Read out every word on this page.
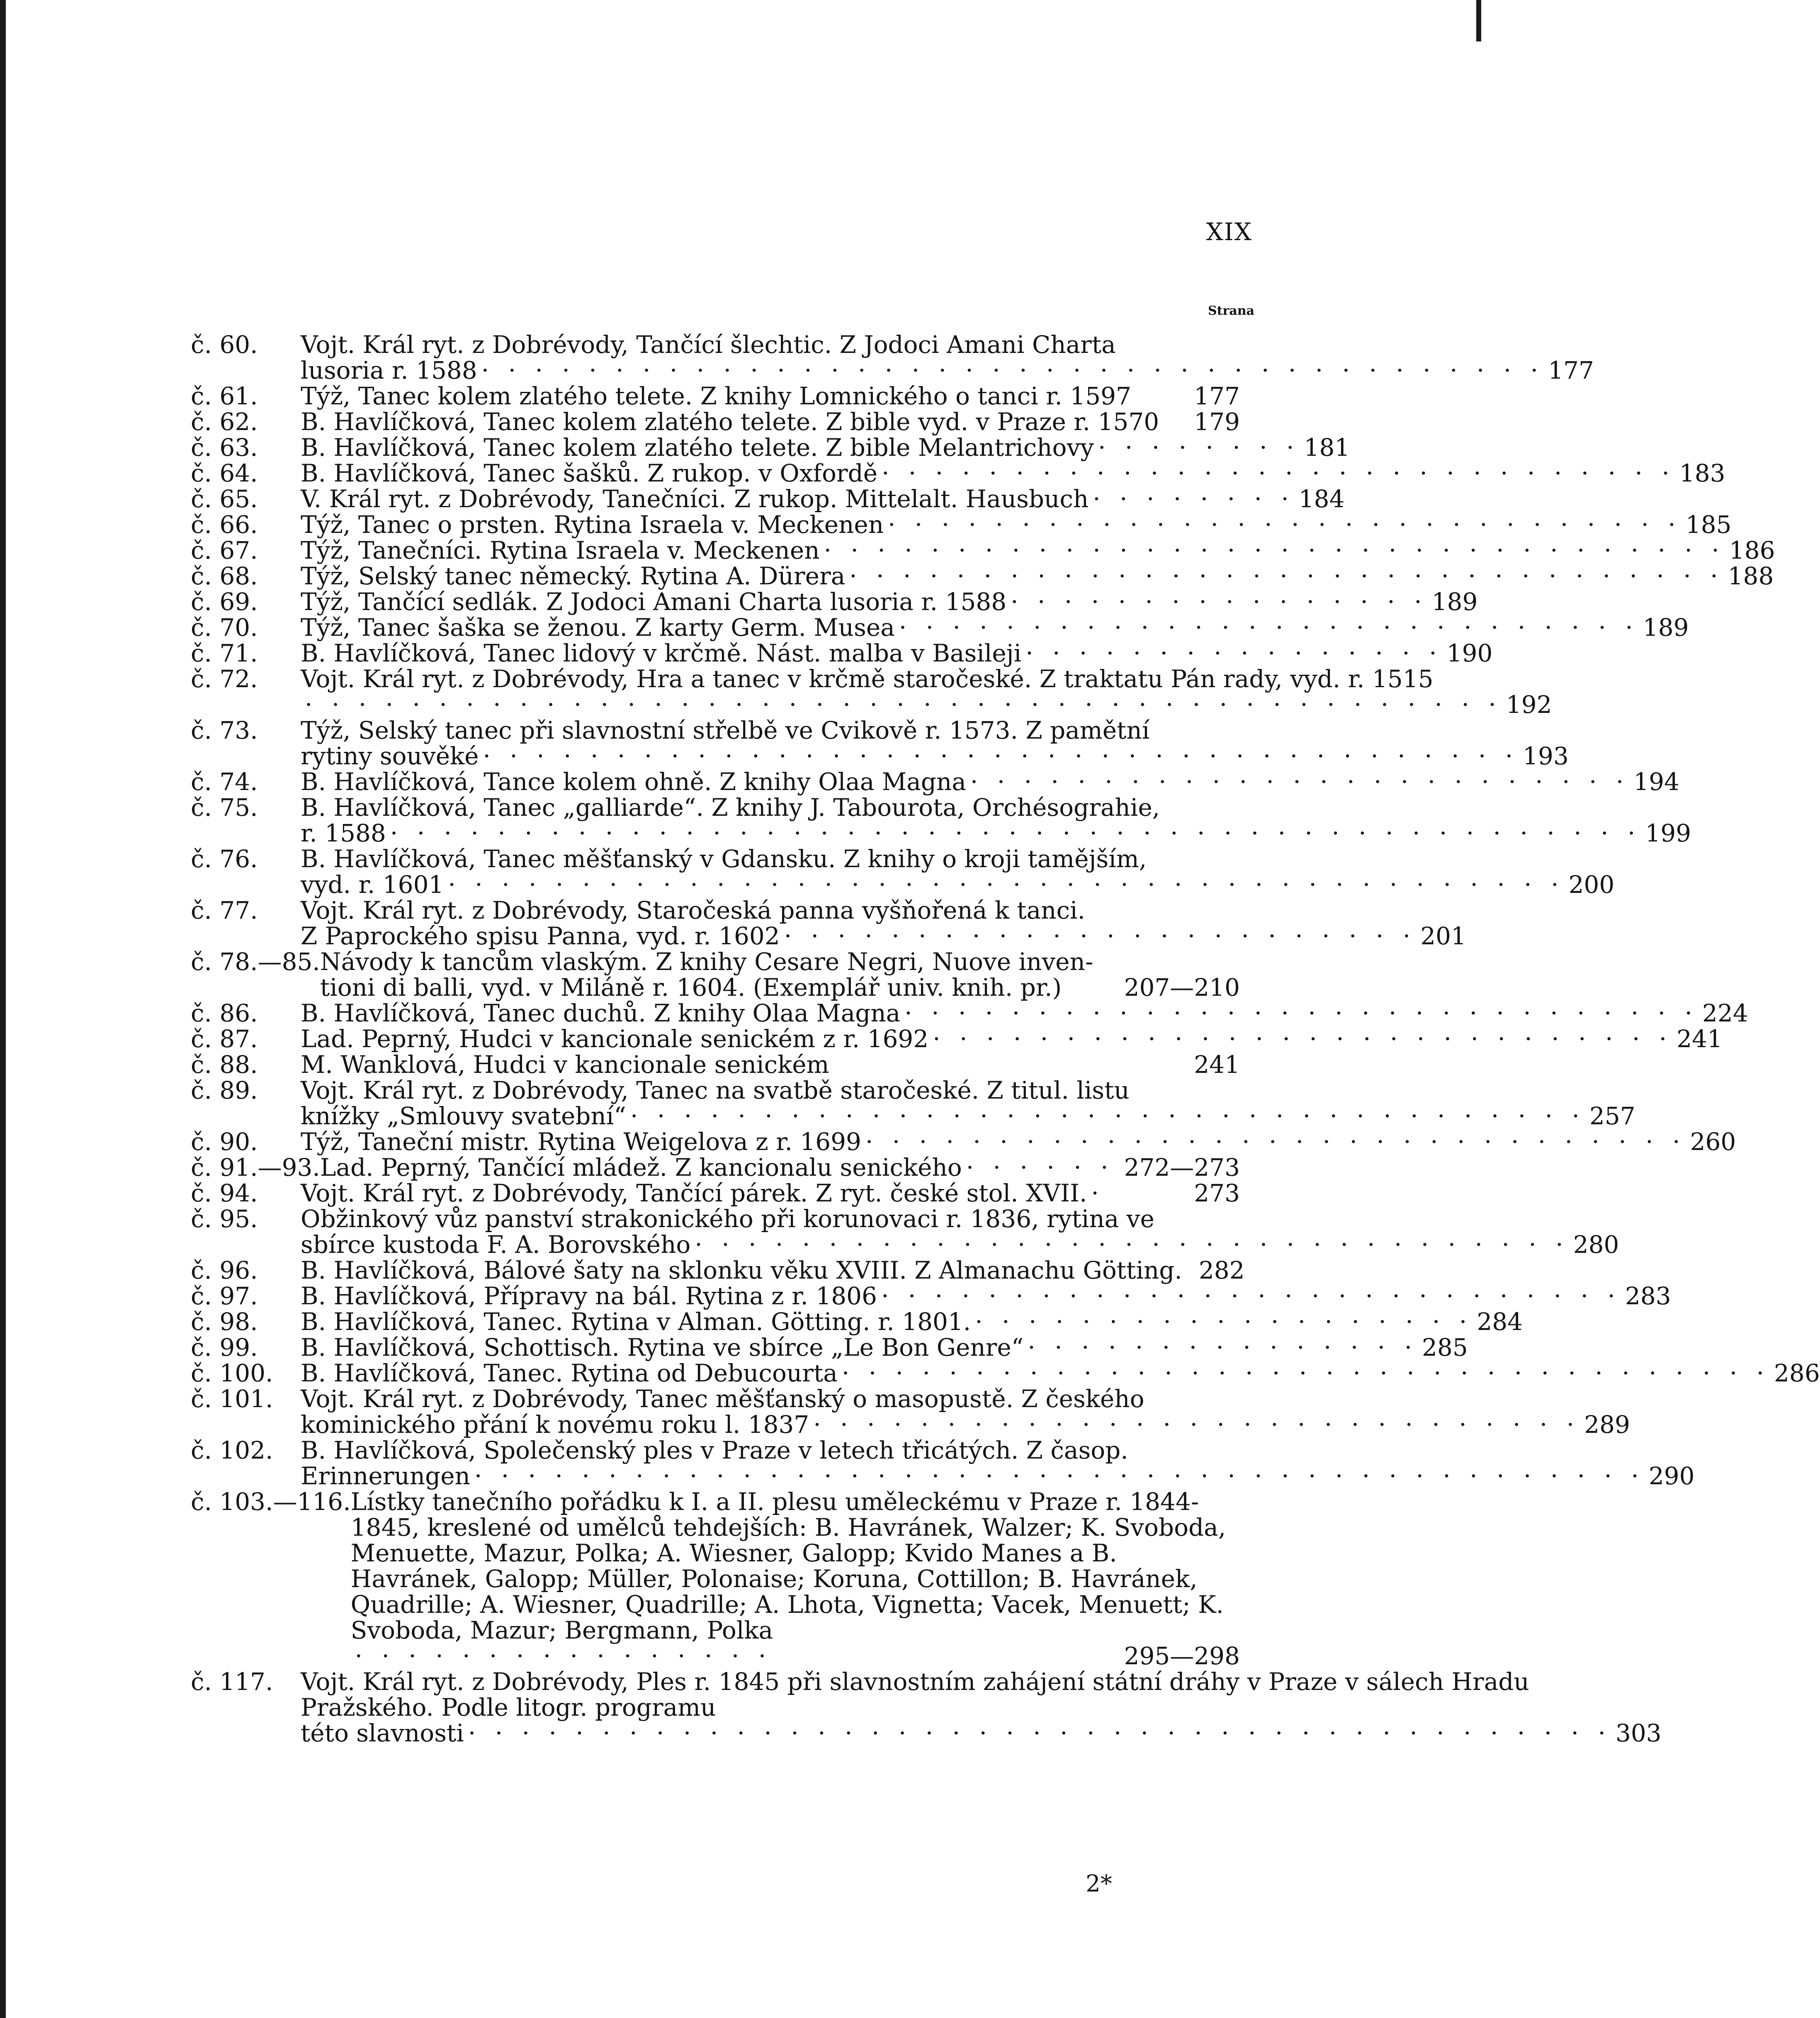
XIX
Strana
č. 60.	Vojt. Král ryt. z Dobrévody, Tančící šlechtic. Z Jodoci Amani Charta
lusoria r. 1588 · · · · · · · · · · · · · · · · · · · · · · · · · · · · · · · · · · · · · · · · 177
č. 61.	Týž, Tanec kolem zlatého telete. Z knihy Lomnického o tanci r. 1597	177
č. 62.	B. Havlíčková, Tanec kolem zlatého telete. Z bible vyd. v Praze r. 1570 179
č. 63.	B. Havlíčková, Tanec kolem zlatého telete. Z bible Melantrichovy · · · · · · · · 181
č. 64.	B. Havlíčková, Tanec šašků. Z rukop. v Oxfordě · · · · · · · · · · · · · · · · · · · · · · · · · · · · · · 183
č. 65.	V. Král ryt. z Dobrévody, Tanečníci. Z rukop. Mittelalt. Hausbuch · · · · · · · · 184
č. 66.	Týž, Tanec o prsten. Rytina Israela v. Meckenen · · · · · · · · · · · · · · · · · · · · · · · · · · · · · · 185
č. 67.	Týž, Tanečníci. Rytina Israela v. Meckenen · · · · · · · · · · · · · · · · · · · · · · · · · · · · · · · · · · 186
č. 68.	Týž, Selský tanec německý. Rytina A. Dürera · · · · · · · · · · · · · · · · · · · · · · · · · · · · · · · · · 188
č. 69.	Týž, Tančící sedlák. Z Jodoci Amani Charta lusoria r. 1588 · · · · · · · · · · · · · · · · 189
č. 70.	Týž, Tanec šaška se ženou. Z karty Germ. Musea · · · · · · · · · · · · · · · · · · · · · · · · · · · · 189
č. 71.	B. Havlíčková, Tanec lidový v krčmě. Nást. malba v Basileji · · · · · · · · · · · · · · · · 190
č. 72.	Vojt. Král ryt. z Dobrévody, Hra a tanec v krčmě staročeské. Z traktatu Pán rady, vyd. r. 1515
· · · · · · · · · · · · · · · · · · · · · · · · · · · · · · · · · · · · · · · · · · · · · 192
č. 73.	Týž, Selský tanec při slavnostní střelbě ve Cvikově r. 1573. Z pamětní
rytiny souvěké · · · · · · · · · · · · · · · · · · · · · · · · · · · · · · · · · · · · · · · 193
č. 74.	B. Havlíčková, Tance kolem ohně. Z knihy Olaa Magna · · · · · · · · · · · · · · · · · · · · · · · · · 194
č. 75.	B. Havlíčková, Tanec „galliarde“. Z knihy J. Tabourota, Orchésograhie,
r. 1588 · · · · · · · · · · · · · · · · · · · · · · · · · · · · · · · · · · · · · · · · · · · · · · · 199
č. 76.	B. Havlíčková, Tanec měšťanský v Gdansku. Z knihy o kroji tamějším,
vyd. r. 1601 · · · · · · · · · · · · · · · · · · · · · · · · · · · · · · · · · · · · · · · · · · 200
č. 77.	Vojt. Král ryt. z Dobrévody, Staročeská panna vyšňořená k tanci.
Z Paprockého spisu Panna, vyd. r. 1602 · · · · · · · · · · · · · · · · · · · · · · · · 201
č. 78.—85. Návody k tancům vlaským. Z knihy Cesare Negri, Nuove inven-
tioni di balli, vyd. v Miláně r. 1604. (Exemplář univ. knih. pr.)	207—210
č. 86.	B. Havlíčková, Tanec duchů. Z knihy Olaa Magna · · · · · · · · · · · · · · · · · · · · · · · · · · · · · · 224
č. 87.	Lad. Peprný, Hudci v kancionale senickém z r. 1692 · · · · · · · · · · · · · · · · · · · · · · · · · · · · 241
č. 88.	M. Wanklová, Hudci v kancionale senickém	241
č. 89.	Vojt. Král ryt. z Dobrévody, Tanec na svatbě staročeské. Z titul. listu
knížky „Smlouvy svatební“ · · · · · · · · · · · · · · · · · · · · · · · · · · · · · · · · · · · · 257
č. 90.	Týž, Taneční mistr. Rytina Weigelova z r. 1699 · · · · · · · · · · · · · · · · · · · · · · · · · · · · · · · 260
č. 91.—93. Lad. Peprný, Tančící mládež. Z kancionalu senického · · · · · · 272—273
č. 94.	Vojt. Král ryt. z Dobrévody, Tančící párek. Z ryt. české stol. XVII. ·	273
č. 95.	Obžinkový vůz panství strakonického při korunovaci r. 1836, rytina ve
sbírce kustoda F. A. Borovského · · · · · · · · · · · · · · · · · · · · · · · · · · · · · · · · · 280
č. 96.	B. Havlíčková, Bálové šaty na sklonku věku XVIII. Z Almanachu Götting. 282
č. 97.	B. Havlíčková, Přípravy na bál. Rytina z r. 1806 · · · · · · · · · · · · · · · · · · · · · · · · · · · · 283
č. 98.	B. Havlíčková, Tanec. Rytina v Alman. Götting. r. 1801. · · · · · · · · · · · · · · · · · · · 284
č. 99.	B. Havlíčková, Schottisch. Rytina ve sbírce „Le Bon Genre“ · · · · · · · · · · · · · · · 285
č. 100.	B. Havlíčková, Tanec. Rytina od Debucourta · · · · · · · · · · · · · · · · · · · · · · · · · · · · · · · · · · · 286
č. 101.	Vojt. Král ryt. z Dobrévody, Tanec měšťanský o masopustě. Z českého
kominického přání k novému roku l. 1837 · · · · · · · · · · · · · · · · · · · · · · · · · · · · · 289
č. 102.	B. Havlíčková, Společenský ples v Praze v letech třicátých. Z časop.
Erinnerungen · · · · · · · · · · · · · · · · · · · · · · · · · · · · · · · · · · · · · · · · · · · · 290
č. 103.—116. Lístky tanečního pořádku k I. a II. plesu uměleckému v Praze r. 1844-1845, kreslené od umělců tehdejších: B. Havránek, Walzer; K. Svoboda, Menuette, Mazur, Polka; A. Wiesner, Galopp; Kvido Manes a B. Havránek, Galopp; Müller, Polonaise; Koruna, Cottillon; B. Havránek, Quadrille; A. Wiesner, Quadrille; A. Lhota, Vignetta; Vacek, Menuett; K. Svoboda, Mazur; Bergmann, Polka
· · · · · · · · · · · · · · · ·	295—298
č. 117.	Vojt. Král ryt. z Dobrévody, Ples r. 1845 při slavnostním zahájení státní dráhy v Praze v sálech Hradu Pražského. Podle litogr. programu
této slavnosti · · · · · · · · · · · · · · · · · · · · · · · · · · · · · · · · · · · · · · · · · · · 303
2*
